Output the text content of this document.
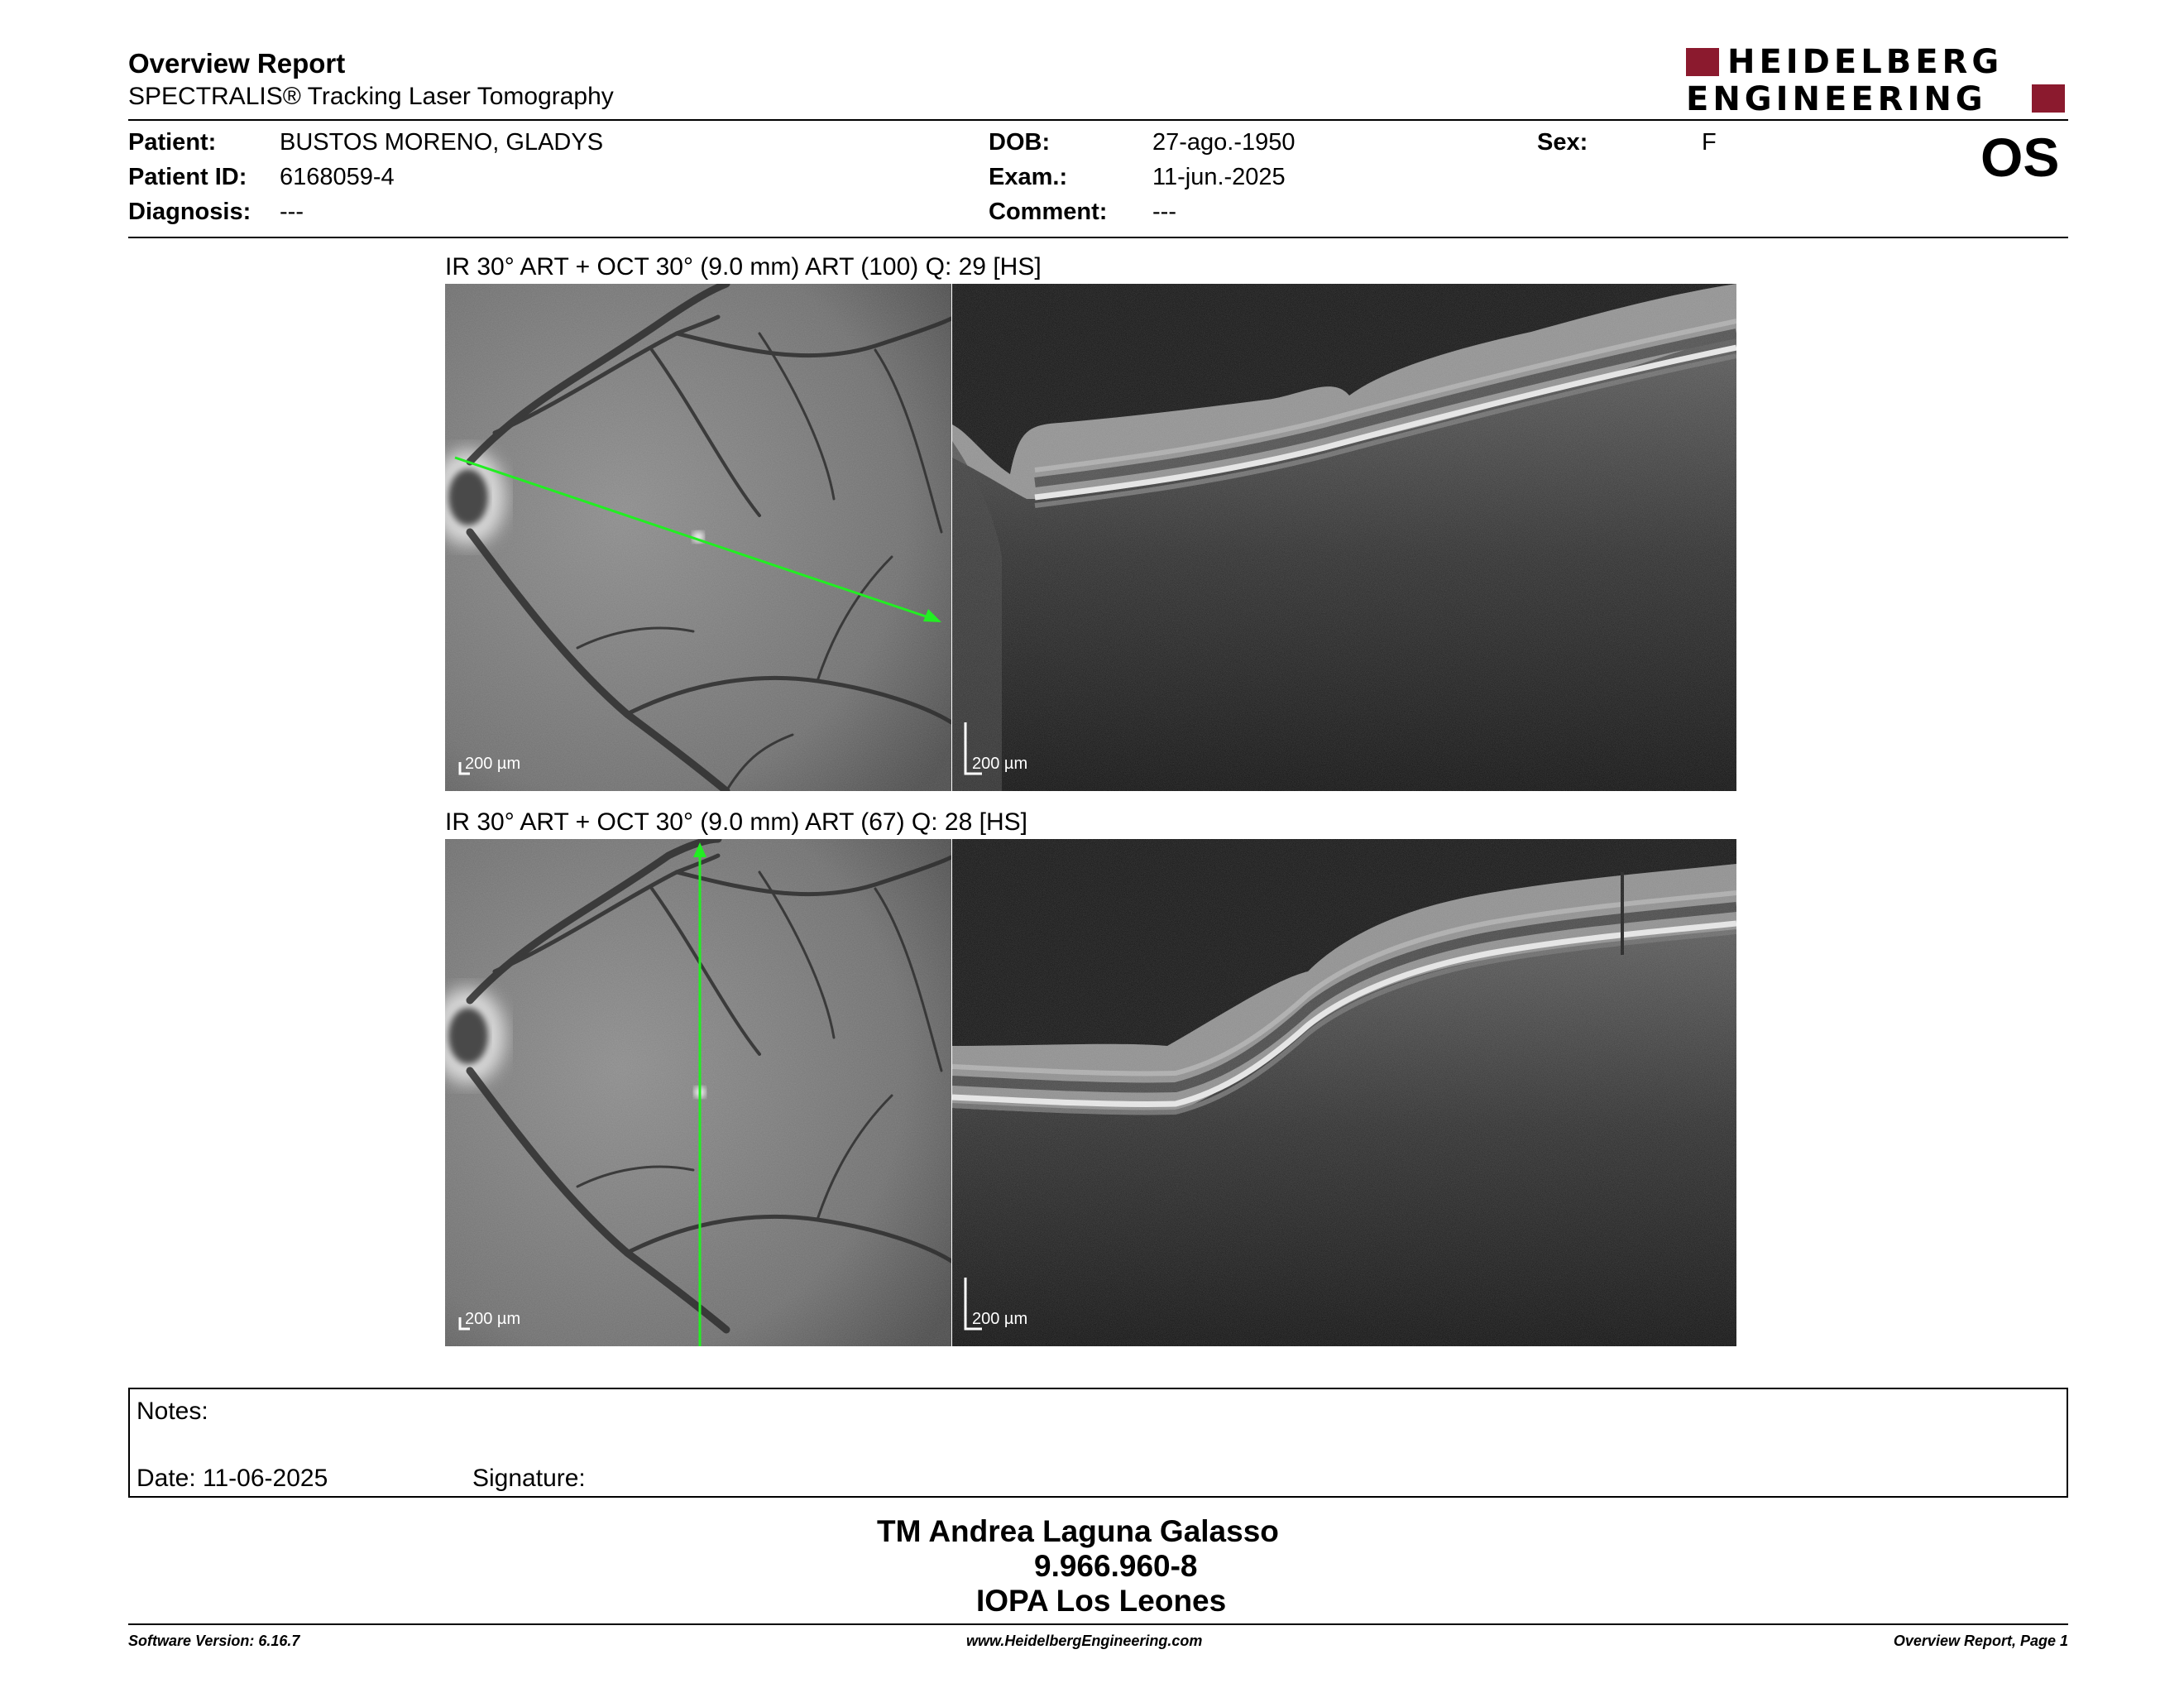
Overview Report
SPECTRALIS® Tracking Laser Tomography
HEIDELBERG
ENGINEERING
Patient:	BUSTOS MORENO, GLADYS
Patient ID: 6168059-4
Diagnosis: ---
DOB:	27-ago.-1950
Exam.:	11-jun.-2025
Comment: ---
Sex:	F	OS
IR 30° ART + OCT 30° (9.0 mm) ART (100) Q: 29 [HS]
200 µm	200 µm
IR 30° ART + OCT 30° (9.0 mm) ART (67) Q: 28 [HS]
200 µm	200 µm
Notes:
Date: 11-06-2025	Signature:
TM Andrea Laguna Galasso
9.966.960-8
IOPA Los Leones
Software Version: 6.16.7	www.HeidelbergEngineering.com	Overview Report, Page 1
